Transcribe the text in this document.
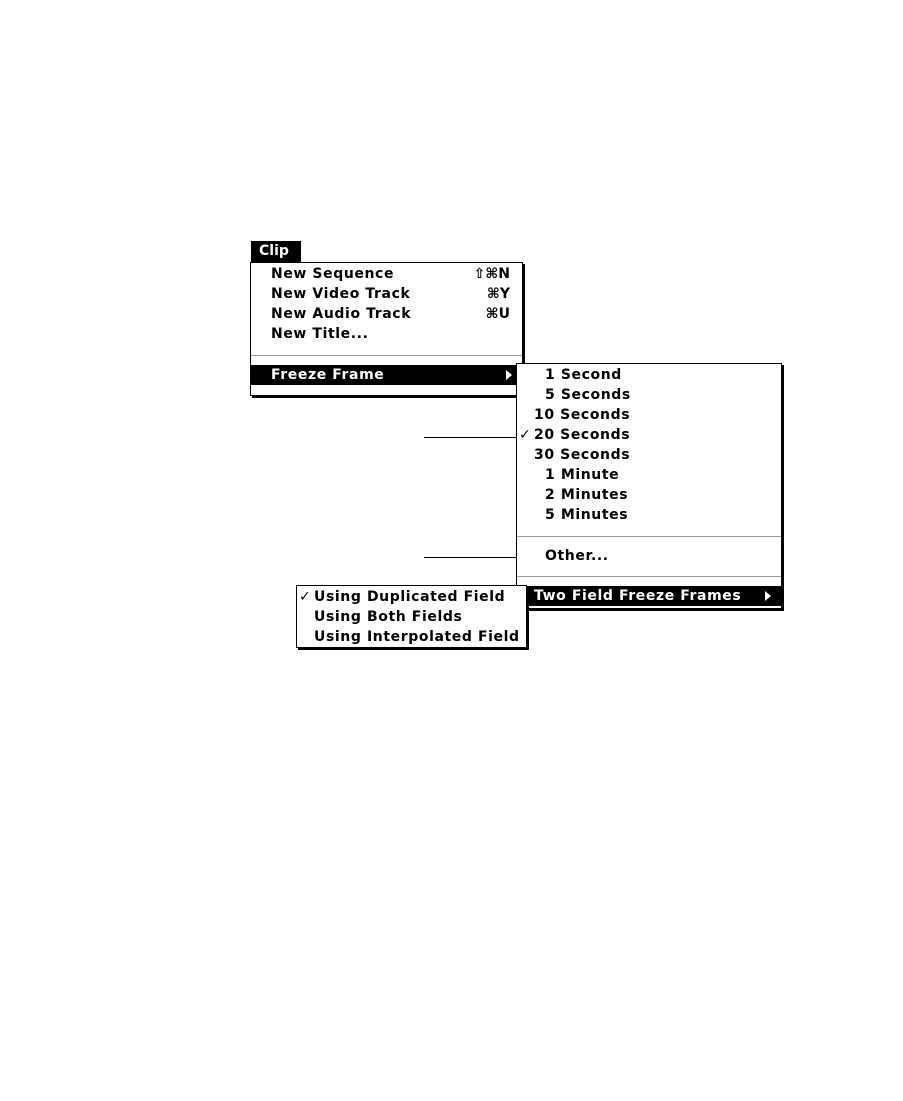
Clip
New Sequence	⇧⌘N
New Video Track	⌘Y
New Audio Track	⌘U
New Title...
Freeze Frame	1 Second
5 Seconds
10 Seconds
✓ 20 Seconds
30 Seconds
1 Minute
2 Minutes
5 Minutes
Other...
Two Field Freeze Frames
✓ Using Duplicated Field
Using Both Fields
Using Interpolated Field
